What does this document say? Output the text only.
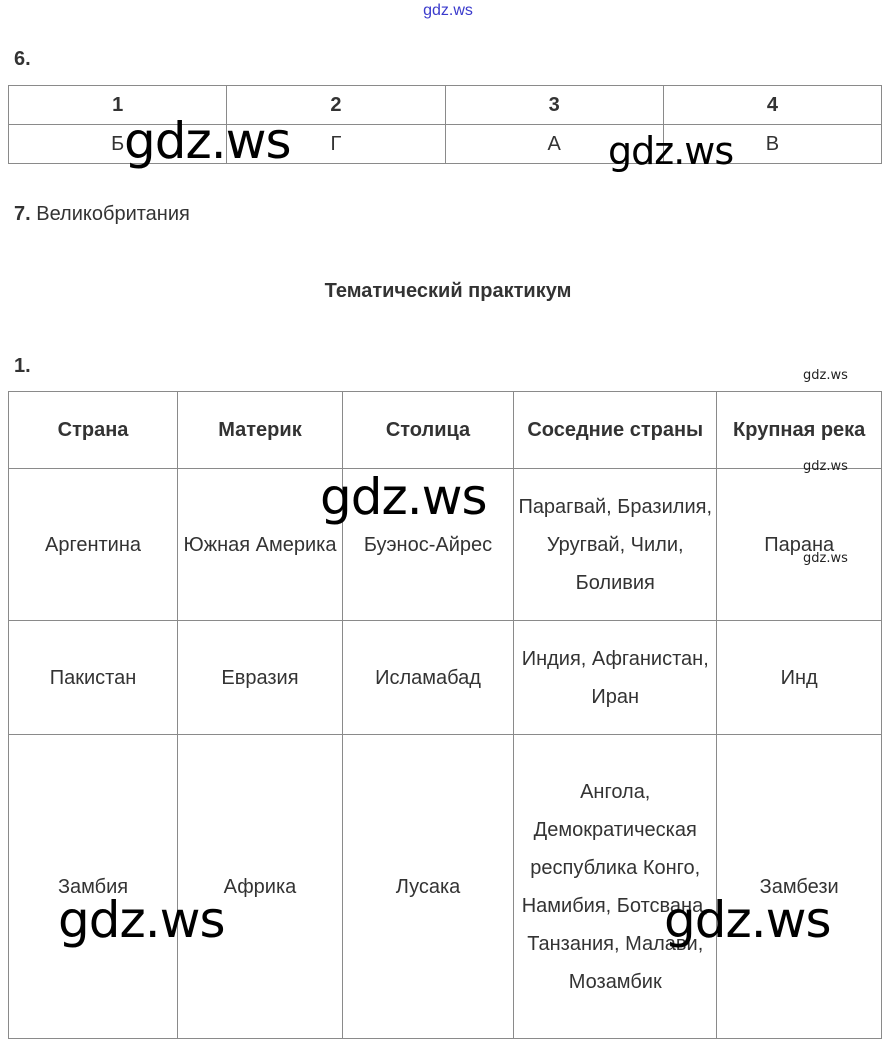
gdz.ws
6.
1	2	3	4
Б	Г	А	В
7. Великобритания
Тематический практикум
1.
Страна	Материк	Столица	Соседние страны	Крупная река
Аргентина	Южная Америка	Буэнос-Айрес	Парагвай, Бразилия, Уругвай, Чили, Боливия	Парана
Пакистан	Евразия	Исламабад	Индия, Афганистан, Иран	Инд
Замбия	Африка	Лусака	Ангола, Демократическая республика Конго, Намибия, Ботсвана, Танзания, Малави, Мозамбик	Замбези
gdz.ws	gdz.ws
gdz.ws
gdz.ws
gdz.ws
gdz.ws
gdz.ws	gdz.ws
